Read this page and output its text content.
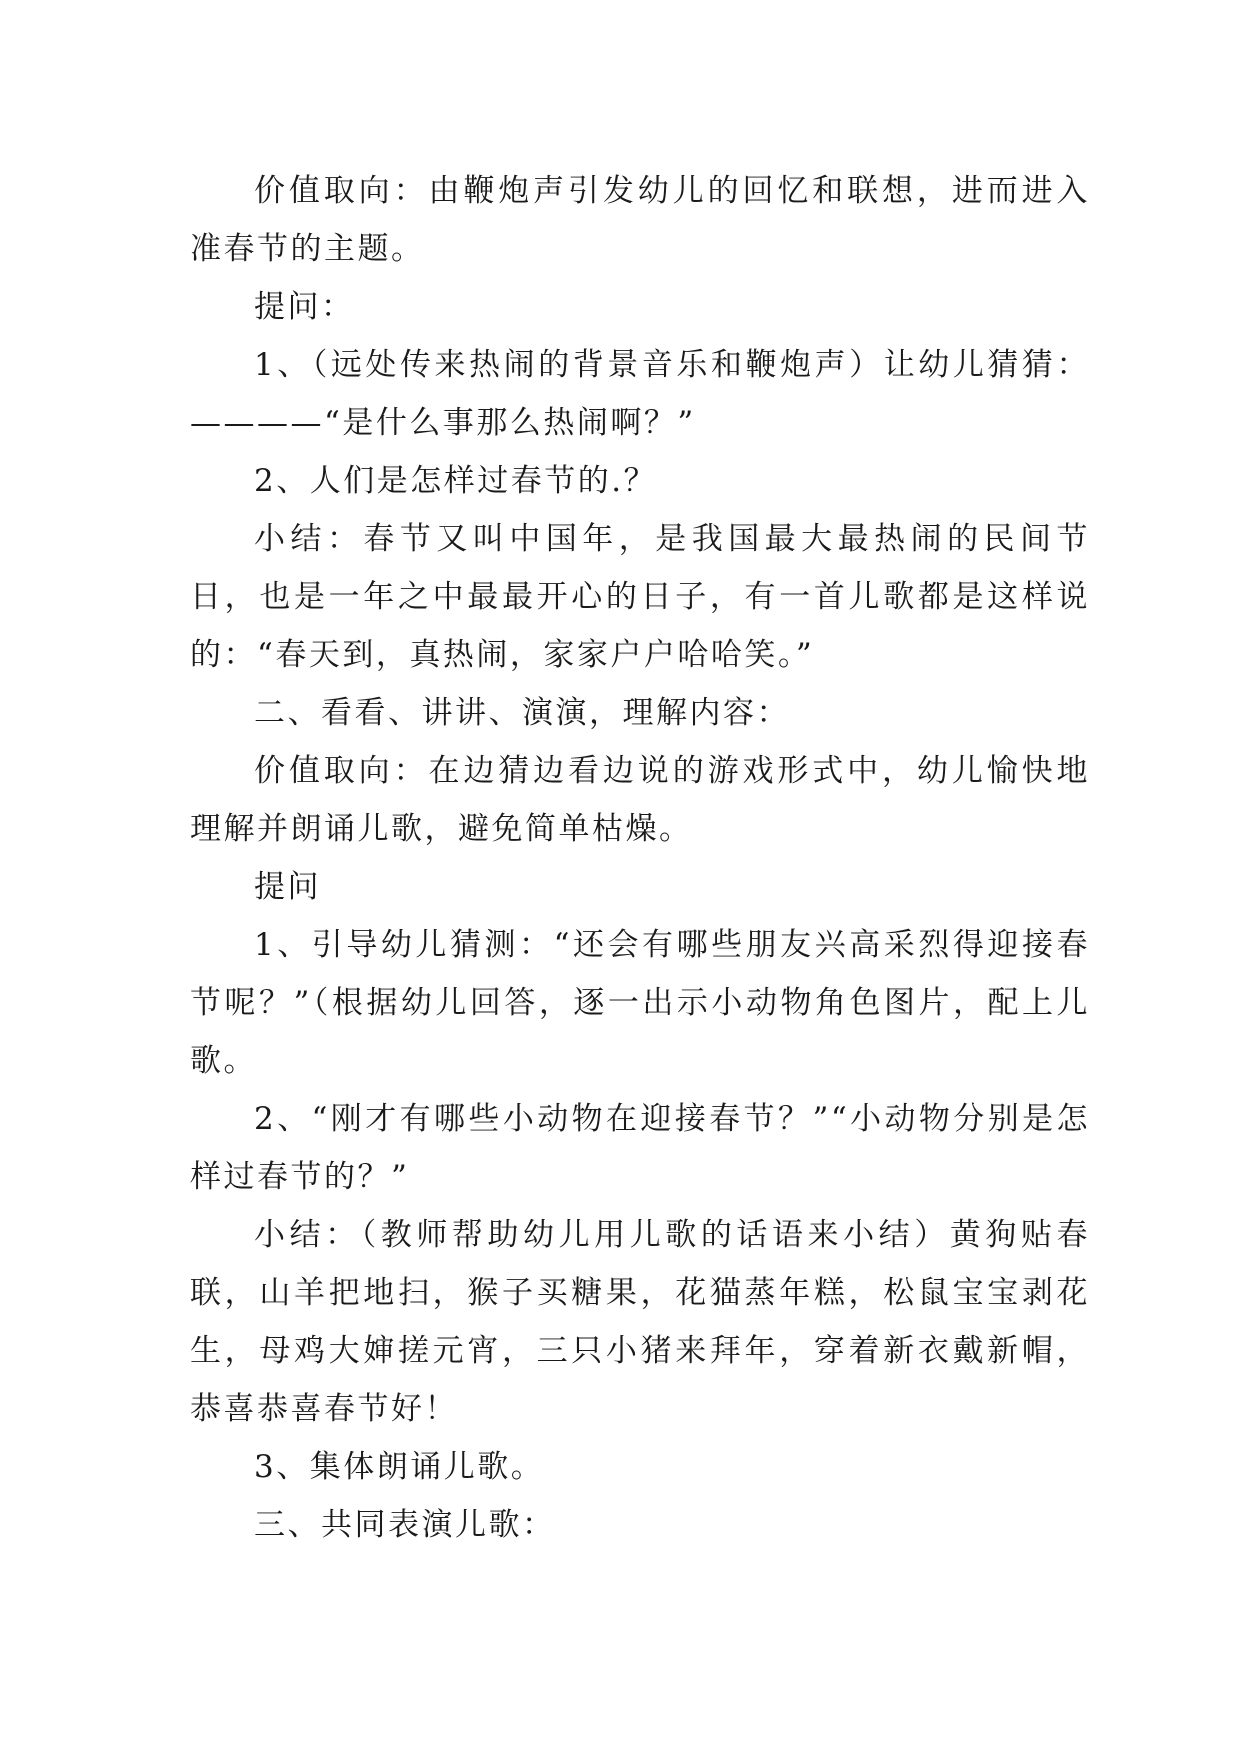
价值取向：由鞭炮声引发幼儿的回忆和联想，进而进入准春节的主题。

提问：

1、（远处传来热闹的背景音乐和鞭炮声）让幼儿猜猜：————“是什么事那么热闹啊？”

2、人们是怎样过春节的.？

小结：春节又叫中国年，是我国最大最热闹的民间节日，也是一年之中最最开心的日子，有一首儿歌都是这样说的：“春天到，真热闹，家家户户哈哈笑。”

二、看看、讲讲、演演，理解内容：

价值取向：在边猜边看边说的游戏形式中，幼儿愉快地理解并朗诵儿歌，避免简单枯燥。

提问

1、引导幼儿猜测：“还会有哪些朋友兴高采烈得迎接春节呢？”（根据幼儿回答，逐一出示小动物角色图片，配上儿歌。

2、“刚才有哪些小动物在迎接春节？”“小动物分别是怎样过春节的？”

小结：（教师帮助幼儿用儿歌的话语来小结）黄狗贴春联，山羊把地扫，猴子买糖果，花猫蒸年糕，松鼠宝宝剥花生，母鸡大婶搓元宵，三只小猪来拜年，穿着新衣戴新帽，恭喜恭喜春节好！

3、集体朗诵儿歌。

三、共同表演儿歌：
